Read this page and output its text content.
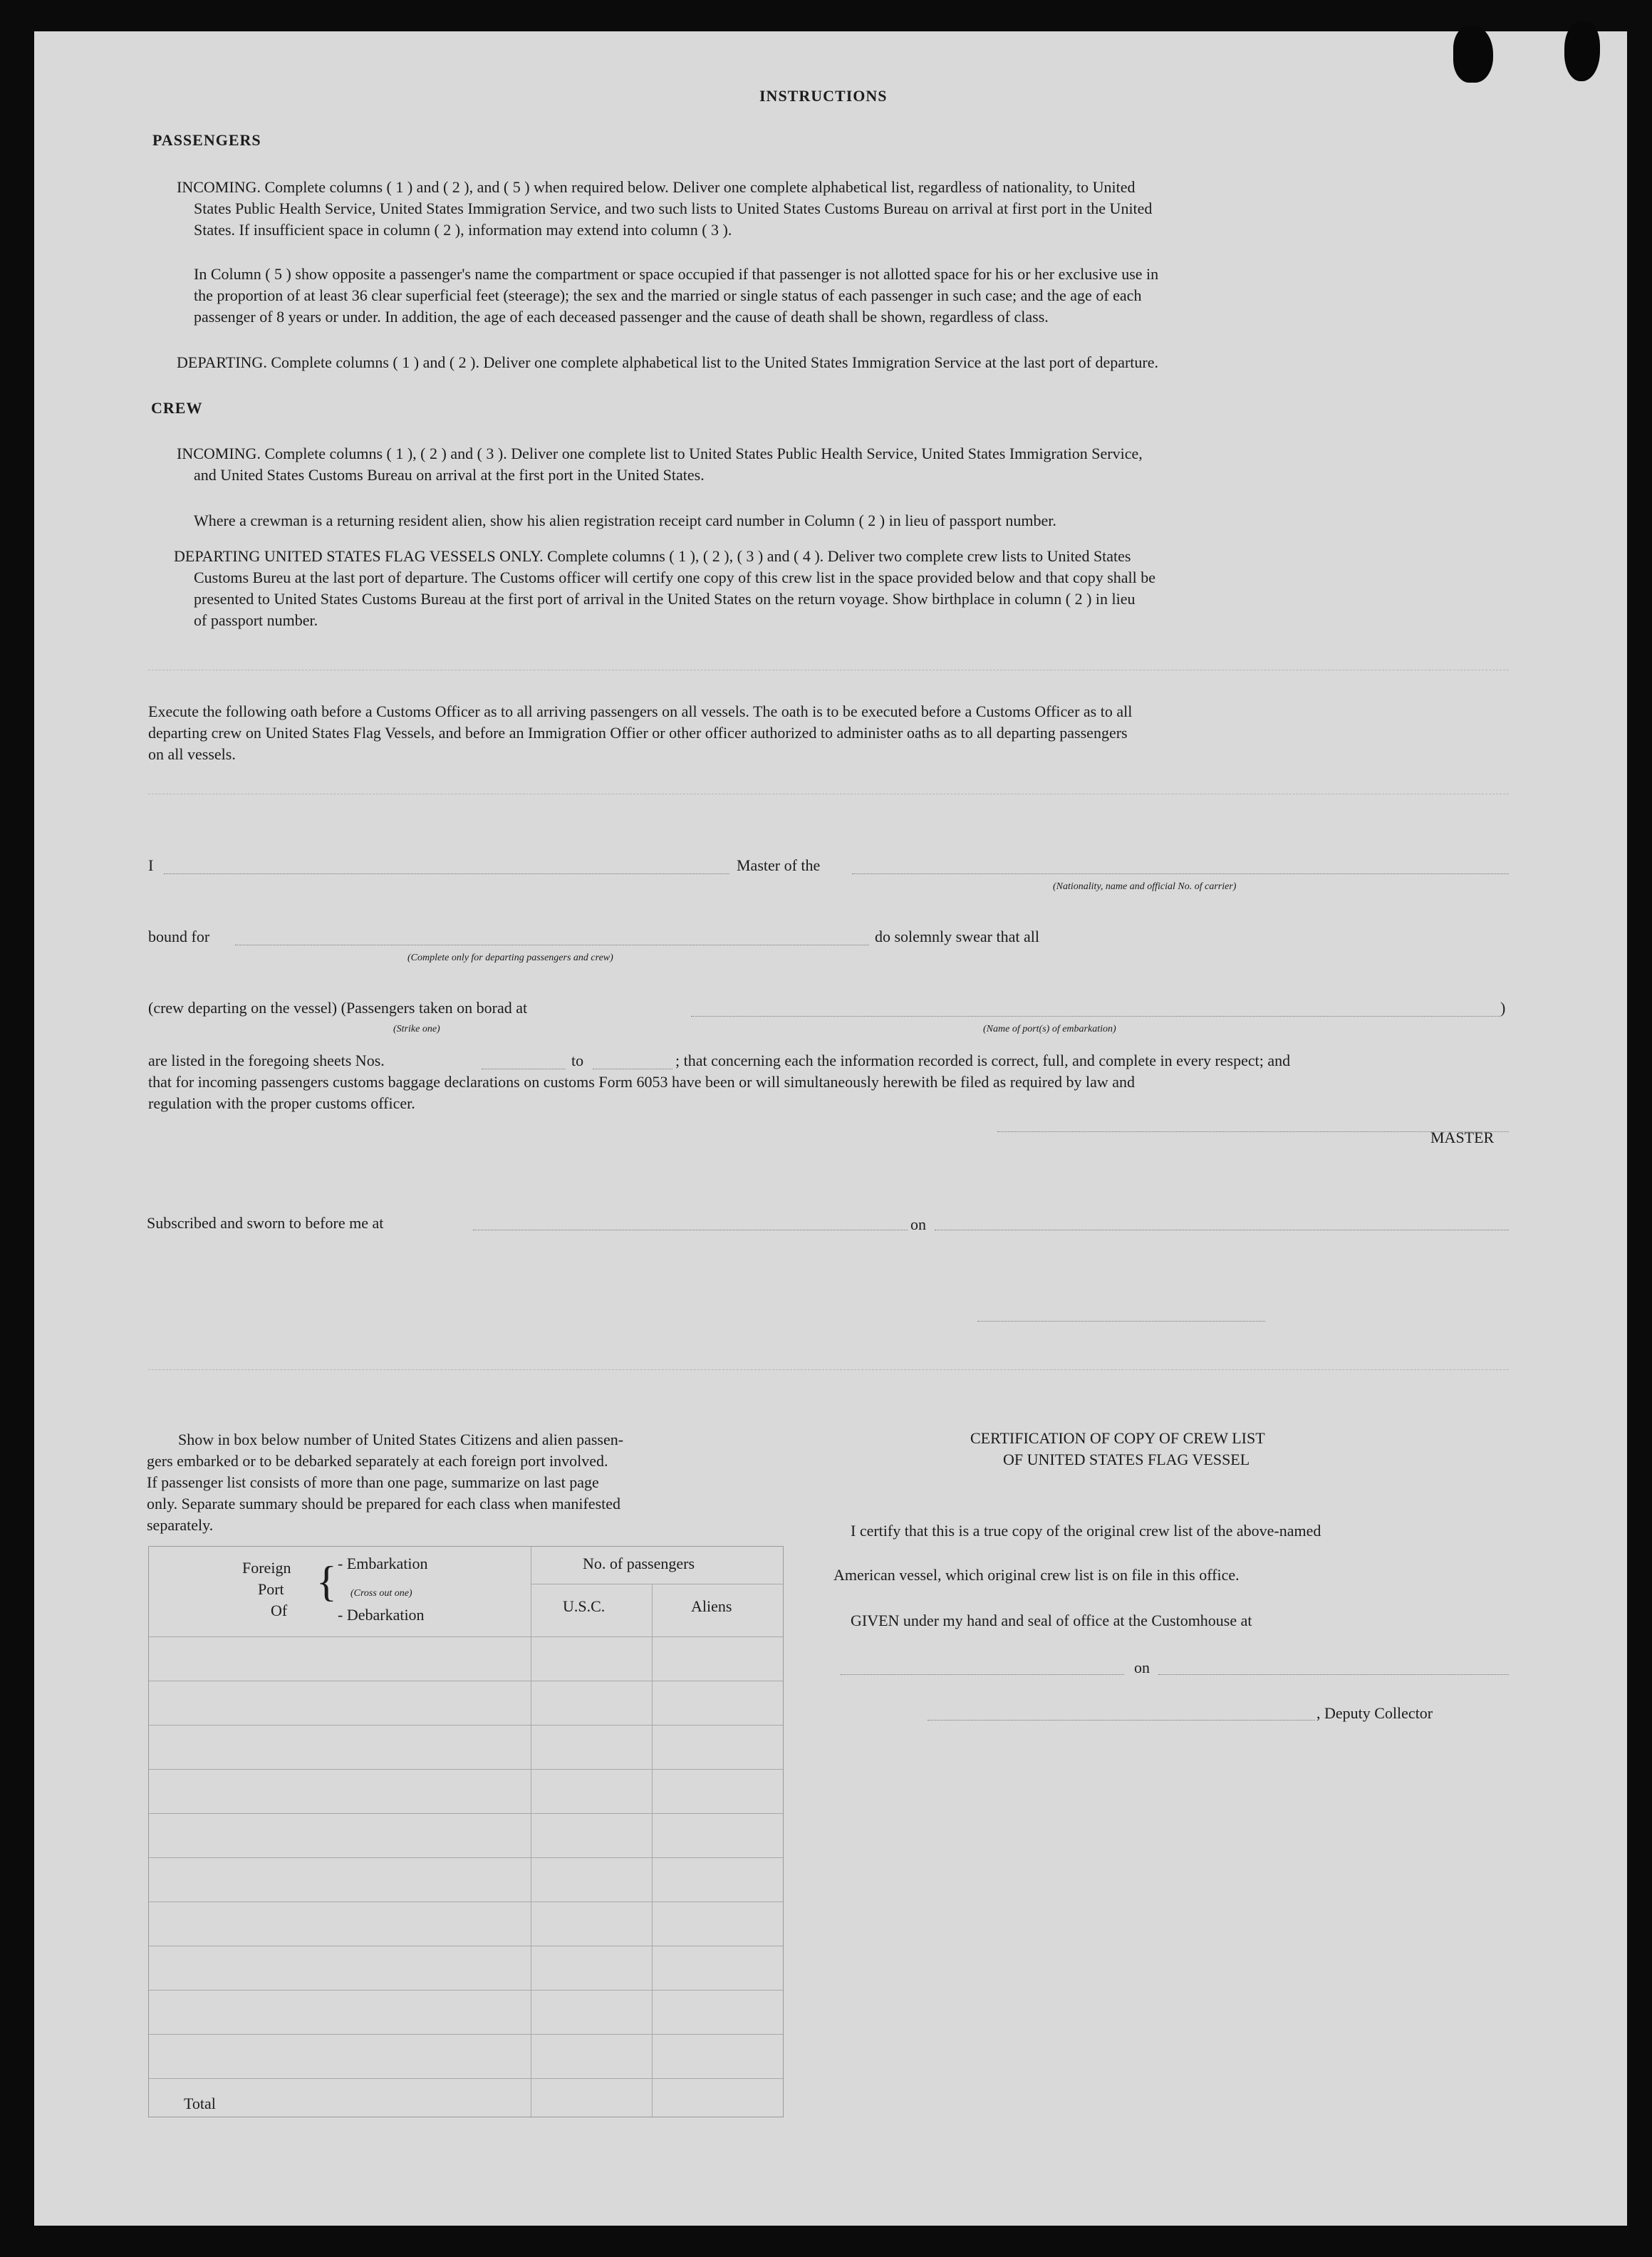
INSTRUCTIONS
PASSENGERS
INCOMING. Complete columns ( 1 ) and ( 2 ), and ( 5 ) when required below. Deliver one complete alphabetical list, regardless of nationality, to United
States Public Health Service, United States Immigration Service, and two such lists to United States Customs Bureau on arrival at first port in the United
States. If insufficient space in column ( 2 ), information may extend into column ( 3 ).
In Column ( 5 ) show opposite a passenger's name the compartment or space occupied if that passenger is not allotted space for his or her exclusive use in
the proportion of at least 36 clear superficial feet (steerage); the sex and the married or single status of each passenger in such case; and the age of each
passenger of 8 years or under. In addition, the age of each deceased passenger and the cause of death shall be shown, regardless of class.
DEPARTING. Complete columns ( 1 ) and ( 2 ). Deliver one complete alphabetical list to the United States Immigration Service at the last port of departure.
CREW
INCOMING. Complete columns ( 1 ), ( 2 ) and ( 3 ). Deliver one complete list to United States Public Health Service, United States Immigration Service,
and United States Customs Bureau on arrival at the first port in the United States.
Where a crewman is a returning resident alien, show his alien registration receipt card number in Column ( 2 ) in lieu of passport number.
DEPARTING UNITED STATES FLAG VESSELS ONLY. Complete columns ( 1 ), ( 2 ), ( 3 ) and ( 4 ). Deliver two complete crew lists to United States
Customs Bureu at the last port of departure. The Customs officer will certify one copy of this crew list in the space provided below and that copy shall be
presented to United States Customs Bureau at the first port of arrival in the United States on the return voyage. Show birthplace in column ( 2 ) in lieu
of passport number.
Execute the following oath before a Customs Officer as to all arriving passengers on all vessels. The oath is to be executed before a Customs Officer as to all
departing crew on United States Flag Vessels, and before an Immigration Offier or other officer authorized to administer oaths as to all departing passengers
on all vessels.
I	Master of the
(Nationality, name and official No. of carrier)
bound for
(Complete only for departing passengers and crew)
do solemnly swear that all
(crew departing on the vessel) (Passengers taken on borad at	)
(Strike one)	(Name of port(s) of embarkation)
are listed in the foregoing sheets Nos.	to	; that concerning each the information recorded is correct, full, and complete in every respect; and
that for incoming passengers customs baggage declarations on customs Form 6053 have been or will simultaneously herewith be filed as required by law and
regulation with the proper customs officer.
MASTER
Subscribed and sworn to before me at	on
Show in box below number of United States Citizens and alien passen-
gers embarked or to be debarked separately at each foreign port involved.
If passenger list consists of more than one page, summarize on last page
only. Separate summary should be prepared for each class when manifested
separately.
Foreign
Port
Of
{ - Embarkation
(Cross out one)
- Debarkation
No. of passengers
U.S.C.	Aliens
Total
CERTIFICATION OF COPY OF CREW LIST
OF UNITED STATES FLAG VESSEL
I certify that this is a true copy of the original crew list of the above-named
American vessel, which original crew list is on file in this office.
GIVEN under my hand and seal of office at the Customhouse at
on
, Deputy Collector
